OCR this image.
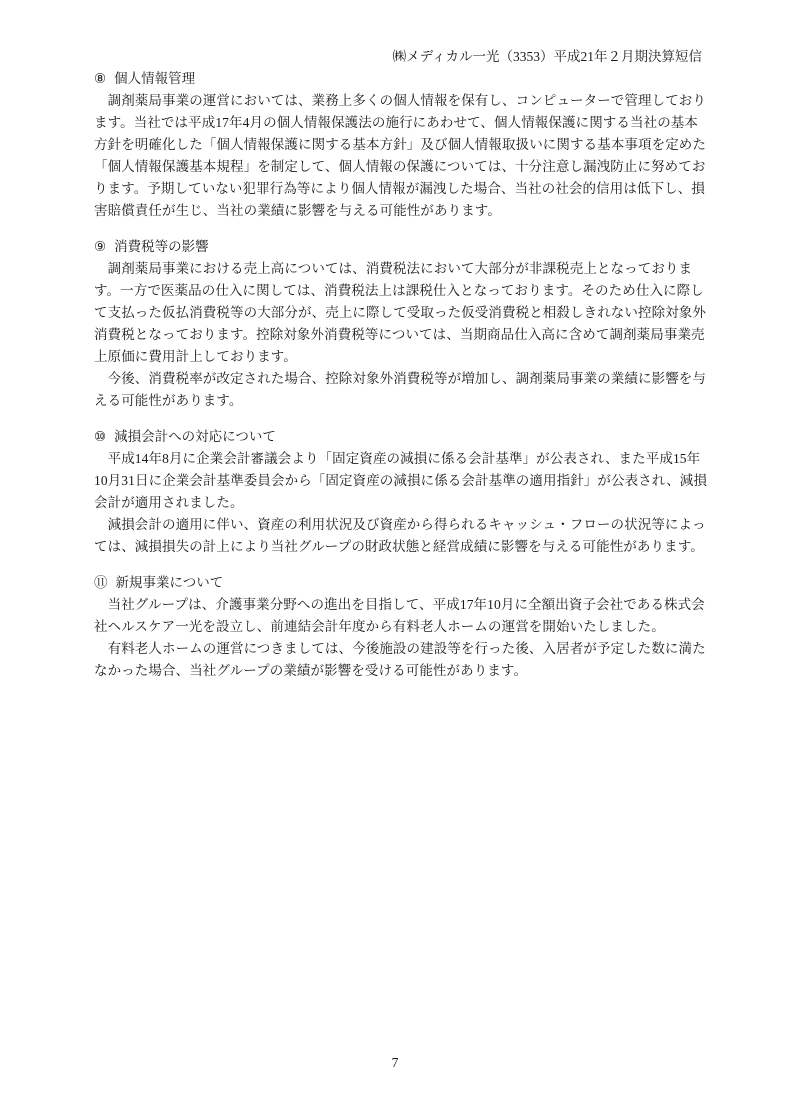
㈱メディカル一光（3353）平成21年２月期決算短信
⑧ 個人情報管理
　調剤薬局事業の運営においては、業務上多くの個人情報を保有し、コンピューターで管理しており
ます。当社では平成17年4月の個人情報保護法の施行にあわせて、個人情報保護に関する当社の基本
方針を明確化した「個人情報保護に関する基本方針」及び個人情報取扱いに関する基本事項を定めた
「個人情報保護基本規程」を制定して、個人情報の保護については、十分注意し漏洩防止に努めてお
ります。予期していない犯罪行為等により個人情報が漏洩した場合、当社の社会的信用は低下し、損
害賠償責任が生じ、当社の業績に影響を与える可能性があります。
⑨ 消費税等の影響
　調剤薬局事業における売上高については、消費税法において大部分が非課税売上となっておりま
す。一方で医薬品の仕入に関しては、消費税法上は課税仕入となっております。そのため仕入に際し
て支払った仮払消費税等の大部分が、売上に際して受取った仮受消費税と相殺しきれない控除対象外
消費税となっております。控除対象外消費税等については、当期商品仕入高に含めて調剤薬局事業売
上原価に費用計上しております。
　今後、消費税率が改定された場合、控除対象外消費税等が増加し、調剤薬局事業の業績に影響を与
える可能性があります。
⑩ 減損会計への対応について
　平成14年8月に企業会計審議会より「固定資産の減損に係る会計基準」が公表され、また平成15年
10月31日に企業会計基準委員会から「固定資産の減損に係る会計基準の適用指針」が公表され、減損
会計が適用されました。
　減損会計の適用に伴い、資産の利用状況及び資産から得られるキャッシュ・フローの状況等によっ
ては、減損損失の計上により当社グループの財政状態と経営成績に影響を与える可能性があります。
⑪ 新規事業について
　当社グループは、介護事業分野への進出を目指して、平成17年10月に全額出資子会社である株式会
社ヘルスケア一光を設立し、前連結会計年度から有料老人ホームの運営を開始いたしました。
　有料老人ホームの運営につきましては、今後施設の建設等を行った後、入居者が予定した数に満た
なかった場合、当社グループの業績が影響を受ける可能性があります。
7
